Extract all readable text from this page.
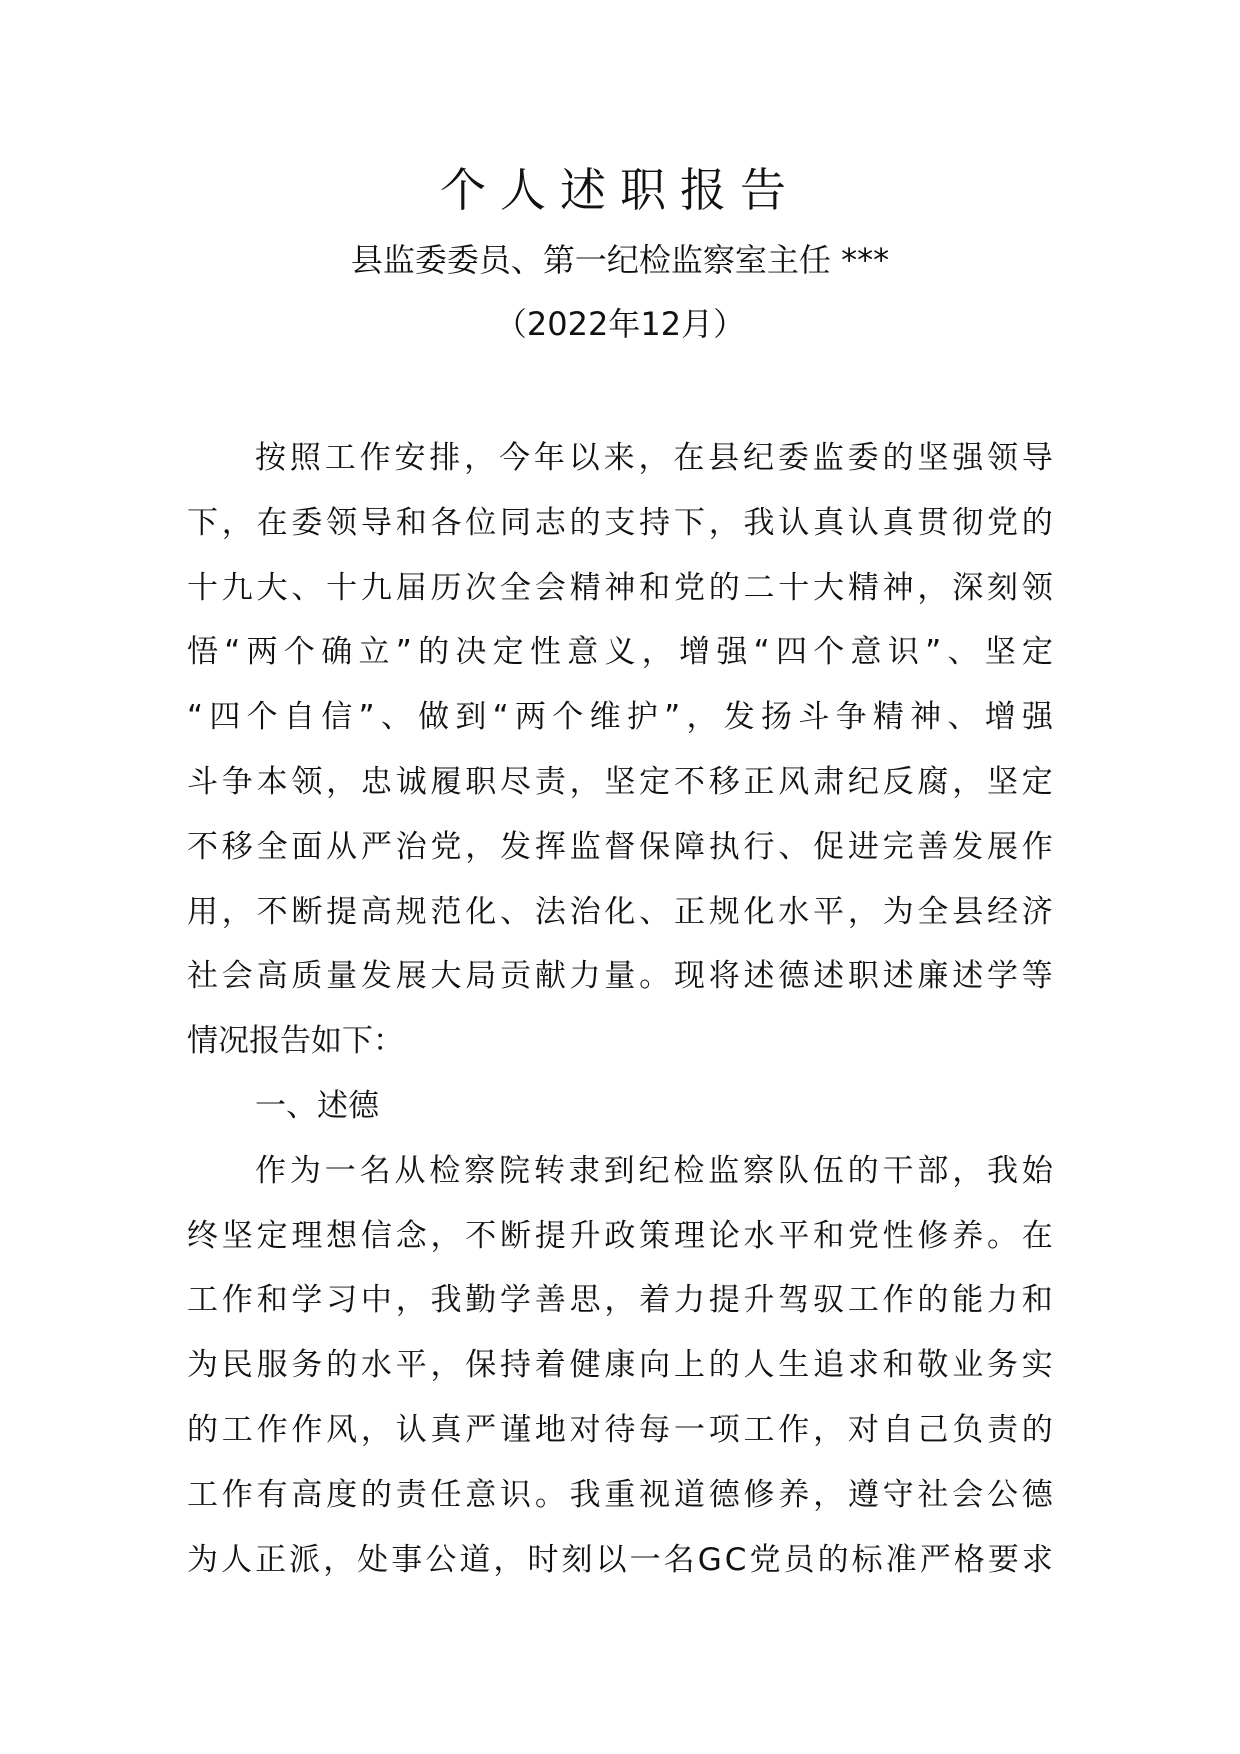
个人述职报告
县监委委员、第一纪检监察室主任 ***
（2022年12月）
按 照 工 作 安 排 ， 今 年 以 来 ， 在 县 纪 委 监 委 的 坚 强 领 导
下 ， 在 委 领 导 和 各 位 同 志 的 支 持 下 ， 我 认 真 认 真 贯 彻 党 的
十 九 大 、 十 九 届 历 次 全 会 精 神 和 党 的 二 十 大 精 神 ， 深 刻 领
悟 “ 两 个 确 立 ” 的 决 定 性 意 义 ， 增 强 “ 四 个 意 识 ” 、 坚 定
“ 四 个 自 信 ” 、 做 到 “ 两 个 维 护 ” ， 发 扬 斗 争 精 神 、 增 强
斗 争 本 领 ， 忠 诚 履 职 尽 责 ， 坚 定 不 移 正 风 肃 纪 反 腐 ， 坚 定
不 移 全 面 从 严 治 党 ， 发 挥 监 督 保 障 执 行 、 促 进 完 善 发 展 作
用 ， 不 断 提 高 规 范 化 、 法 治 化 、 正 规 化 水 平 ， 为 全 县 经 济
社 会 高 质 量 发 展 大 局 贡 献 力 量 。 现 将 述 德 述 职 述 廉 述 学 等
情况报告如下：
一、述德
作 为 一 名 从 检 察 院 转 隶 到 纪 检 监 察 队 伍 的 干 部 ， 我 始
终 坚 定 理 想 信 念 ， 不 断 提 升 政 策 理 论 水 平 和 党 性 修 养 。 在
工 作 和 学 习 中 ， 我 勤 学 善 思 ， 着 力 提 升 驾 驭 工 作 的 能 力 和
为 民 服 务 的 水 平 ， 保 持 着 健 康 向 上 的 人 生 追 求 和 敬 业 务 实
的 工 作 作 风 ， 认 真 严 谨 地 对 待 每 一 项 工 作 ， 对 自 己 负 责 的
工 作 有 高 度 的 责 任 意 识 。 我 重 视 道 德 修 养 ， 遵 守 社 会 公 德
为 人 正 派 ， 处 事 公 道 ， 时 刻 以 一 名 G C 党 员 的 标 准 严 格 要 求
